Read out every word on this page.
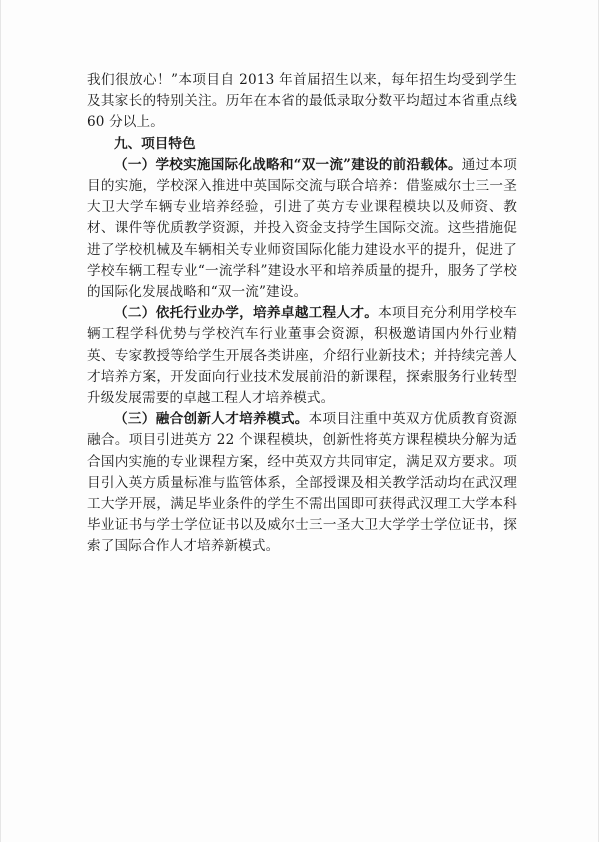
我们很放心！”本项目自 2013 年首届招生以来，每年招生均受到学生及其家长的特别关注。历年在本省的最低录取分数平均超过本省重点线 60 分以上。

九、项目特色

（一）学校实施国际化战略和“双一流”建设的前沿载体。通过本项目的实施，学校深入推进中英国际交流与联合培养：借鉴威尔士三一圣大卫大学车辆专业培养经验，引进了英方专业课程模块以及师资、教材、课件等优质教学资源，并投入资金支持学生国际交流。这些措施促进了学校机械及车辆相关专业师资国际化能力建设水平的提升，促进了学校车辆工程专业“一流学科”建设水平和培养质量的提升，服务了学校的国际化发展战略和“双一流”建设。

（二）依托行业办学，培养卓越工程人才。本项目充分利用学校车辆工程学科优势与学校汽车行业董事会资源，积极邀请国内外行业精英、专家教授等给学生开展各类讲座，介绍行业新技术；并持续完善人才培养方案，开发面向行业技术发展前沿的新课程，探索服务行业转型升级发展需要的卓越工程人才培养模式。

（三）融合创新人才培养模式。本项目注重中英双方优质教育资源融合。项目引进英方 22 个课程模块，创新性将英方课程模块分解为适合国内实施的专业课程方案，经中英双方共同审定，满足双方要求。项目引入英方质量标准与监管体系，全部授课及相关教学活动均在武汉理工大学开展，满足毕业条件的学生不需出国即可获得武汉理工大学本科毕业证书与学士学位证书以及威尔士三一圣大卫大学学士学位证书，探索了国际合作人才培养新模式。
